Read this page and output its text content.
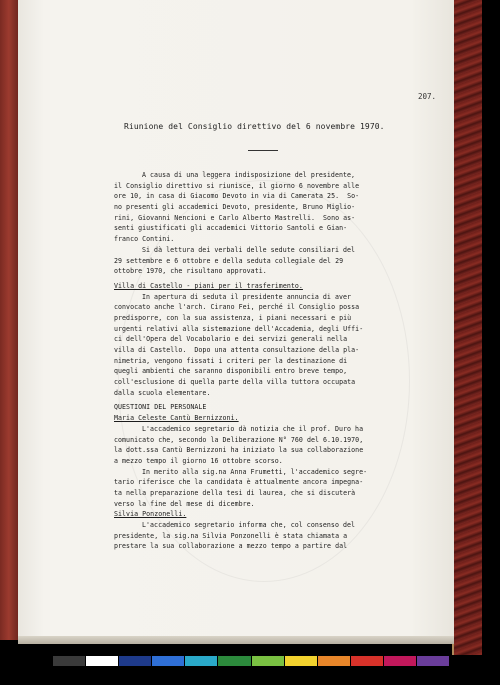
207.
Riunione del Consiglio direttivo del 6 novembre 1970.
A causa di una leggera indisposizione del presidente,
il Consiglio direttivo si riunisce, il giorno 6 novembre alle
ore 10, in casa di Giacomo Devoto in via di Camerata 25.  So-
no presenti gli accademici Devoto, presidente, Bruno Miglio-
rini, Giovanni Nencioni e Carlo Alberto Mastrelli.  Sono as-
senti giustificati gli accademici Vittorio Santoli e Gian-
franco Contini.
Si dà lettura dei verbali delle sedute consiliari del
29 settembre e 6 ottobre e della seduta collegiale del 29
ottobre 1970, che risultano approvati.
Villa di Castello - piani per il trasferimento.
In apertura di seduta il presidente annuncia di aver
convocato anche l'arch. Cirano Fei, perché il Consiglio possa
predisporre, con la sua assistenza, i piani necessari e più
urgenti relativi alla sistemazione dell'Accademia, degli Uffi-
ci dell'Opera del Vocabolario e dei servizi generali nella
villa di Castello.  Dopo una attenta consultazione della pla-
nimetria, vengono fissati i criteri per la destinazione di
quegli ambienti che saranno disponibili entro breve tempo,
coll'esclusione di quella parte della villa tuttora occupata
dalla scuola elementare.
QUESTIONI DEL PERSONALE
Maria Celeste Cantù Bernizzoni.
L'accademico segretario dà notizia che il prof. Duro ha
comunicato che, secondo la Deliberazione N° 760 del 6.10.1970,
la dott.ssa Cantù Bernizzoni ha iniziato la sua collaborazione
a mezzo tempo il giorno 16 ottobre scorso.
In merito alla sig.na Anna Frumetti, l'accademico segre-
tario riferisce che la candidata è attualmente ancora impegna-
ta nella preparazione della tesi di laurea, che si discuterà
verso la fine del mese di dicembre.
Silvia Ponzonelli.
L'accademico segretario informa che, col consenso del
presidente, la sig.na Silvia Ponzonelli è stata chiamata a
prestare la sua collaborazione a mezzo tempo a partire dal
